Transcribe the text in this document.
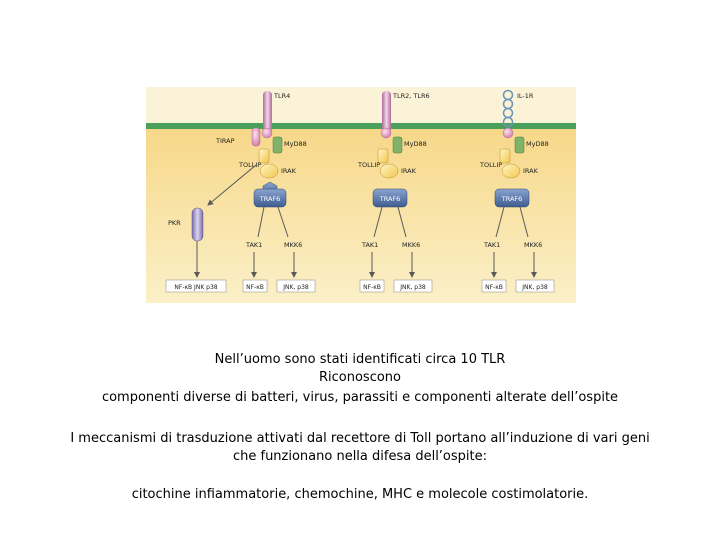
TLR4
TIRAP	MyD88
TOLLIP
IRAK
TRAF6
PKR
TAK1	MKK6
NF-κB JNK p38	NF-κB	JNK, p38
TLR2, TLR6
MyD88
TOLLIP
IRAK
TRAF6
TAK1	MKK6
NF-κB	JNK, p38
IL-1R
MyD88
TOLLIP
IRAK
TRAF6
TAK1	MKK6
NF-κB	JNK, p38
Nell’uomo sono stati identificati circa 10 TLR
Riconoscono
componenti diverse di batteri, virus, parassiti e componenti alterate dell’ospite
I meccanismi di trasduzione attivati dal recettore di Toll portano all’induzione di vari geni
che funzionano nella difesa dell’ospite:
citochine infiammatorie, chemochine, MHC e molecole costimolatorie.
